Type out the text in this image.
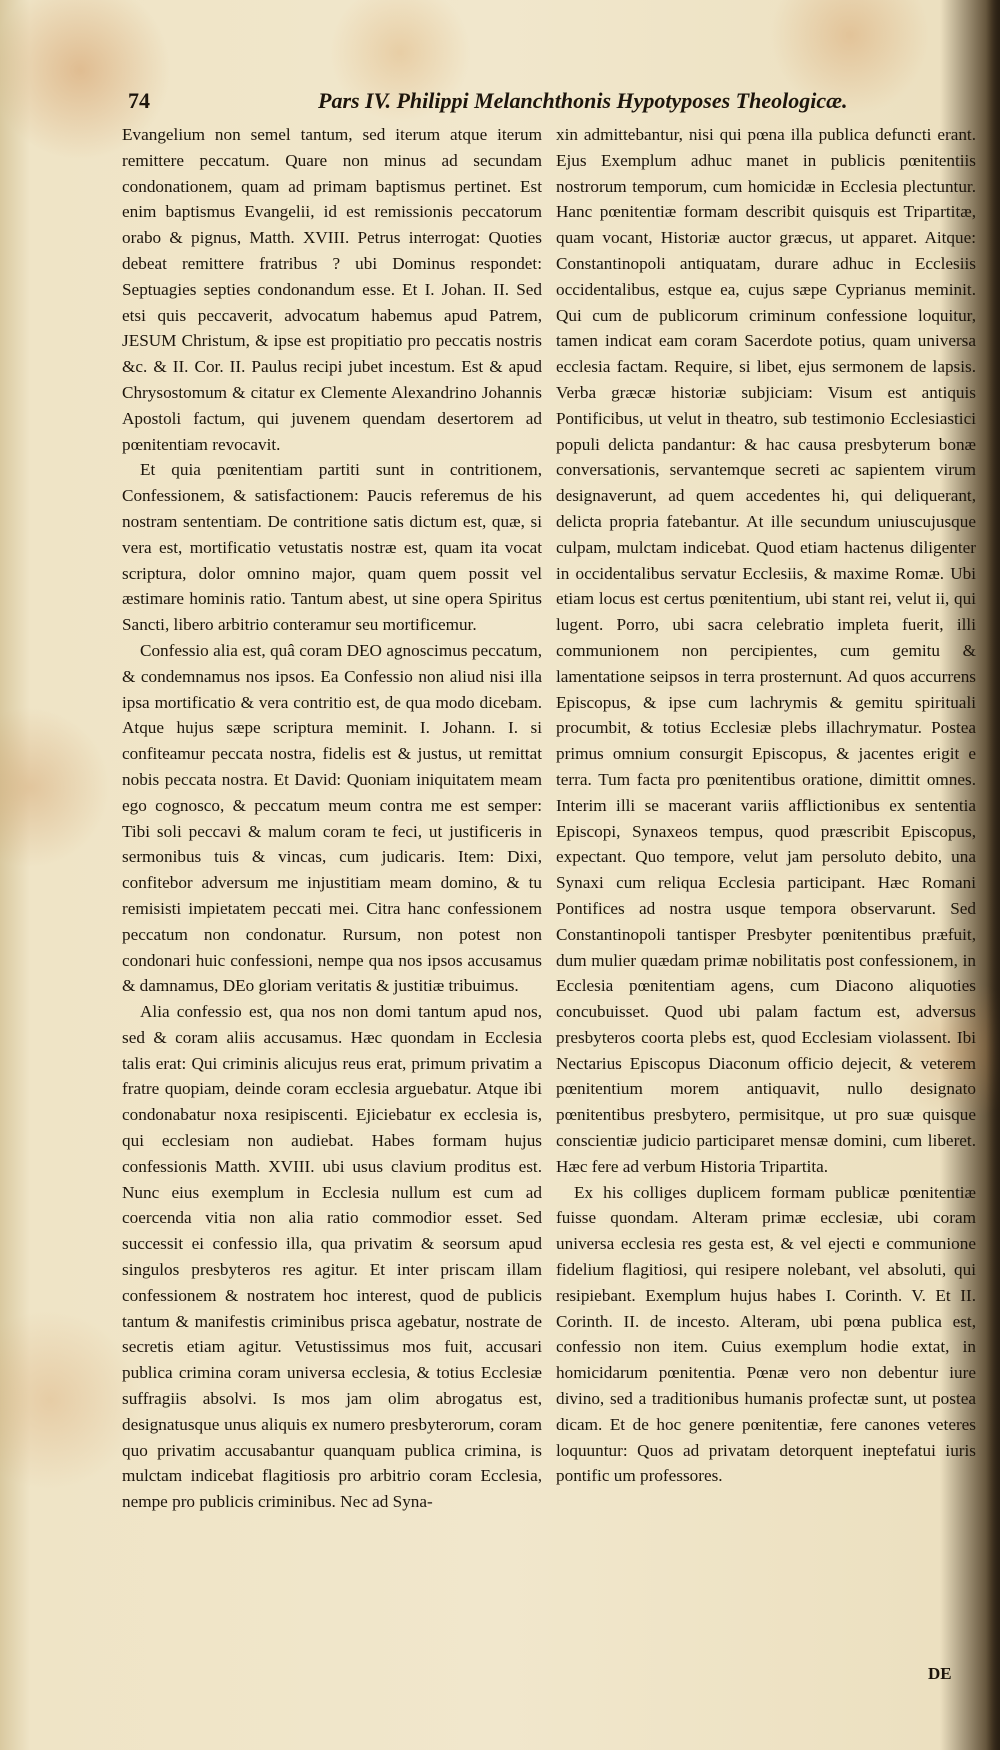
74	Pars IV. Philippi Melanchthonis Hypotyposes Theologicæ.

Evangelium non semel tantum, sed iterum atque iterum remittere peccatum. Quare non minus ad secundam condonationem, quam ad primam baptismus pertinet. Est enim baptismus Evangelii, id est remissionis peccatorum orabo & pignus, Matth. XVIII. Petrus interrogat: Quoties debeat remittere fratribus ? ubi Dominus respondet: Septuagies septies condonandum esse. Et I. Johan. II. Sed etsi quis peccaverit, advocatum habemus apud Patrem, JESUM Christum, & ipse est propitiatio pro peccatis nostris &c. & II. Cor. II. Paulus recipi jubet incestum. Est & apud Chrysostomum & citatur ex Clemente Alexandrino Johannis Apostoli factum, qui juvenem quendam desertorem ad pœnitentiam revocavit.

Et quia pœnitentiam partiti sunt in contritionem, Confessionem, & satisfactionem: Paucis referemus de his nostram sententiam. De contritione satis dictum est, quæ, si vera est, mortificatio vetustatis nostræ est, quam ita vocat scriptura, dolor omnino major, quam quem possit vel æstimare hominis ratio. Tantum abest, ut sine opera Spiritus Sancti, libero arbitrio conteramur seu mortificemur.

Confessio alia est, quâ coram DEO agnoscimus peccatum, & condemnamus nos ipsos. Ea Confessio non aliud nisi illa ipsa mortificatio & vera contritio est, de qua modo dicebam. Atque hujus sæpe scriptura meminit. I. Johann. I. si confiteamur peccata nostra, fidelis est & justus, ut remittat nobis peccata nostra. Et David: Quoniam iniquitatem meam ego cognosco, & peccatum meum contra me est semper: Tibi soli peccavi & malum coram te feci, ut justificeris in sermonibus tuis & vincas, cum judicaris. Item: Dixi, confitebor adversum me injustitiam meam domino, & tu remisisti impietatem peccati mei. Citra hanc confessionem peccatum non condonatur. Rursum, non potest non condonari huic confessioni, nempe qua nos ipsos accusamus & damnamus, DEo gloriam veritatis & justitiæ tribuimus.

Alia confessio est, qua nos non domi tantum apud nos, sed & coram aliis accusamus. Hæc quondam in Ecclesia talis erat: Qui criminis alicujus reus erat, primum privatim a fratre quopiam, deinde coram ecclesia arguebatur. Atque ibi condonabatur noxa resipiscenti. Ejiciebatur ex ecclesia is, qui ecclesiam non audiebat. Habes formam hujus confessionis Matth. XVIII. ubi usus clavium proditus est. Nunc eius exemplum in Ecclesia nullum est cum ad coercenda vitia non alia ratio commodior esset. Sed successit ei confessio illa, qua privatim & seorsum apud singulos presbyteros res agitur. Et inter priscam illam confessionem & nostratem hoc interest, quod de publicis tantum & manifestis criminibus prisca agebatur, nostrate de secretis etiam agitur. Vetustissimus mos fuit, accusari publica crimina coram universa ecclesia, & totius Ecclesiæ suffragiis absolvi. Is mos jam olim abrogatus est, designatusque unus aliquis ex numero presbyterorum, coram quo privatim accusabantur quanquam publica crimina, is mulctam indicebat flagitiosis pro arbitrio coram Ecclesia, nempe pro publicis criminibus. Nec ad Syna-

xin admittebantur, nisi qui pœna illa publica defuncti erant. Ejus Exemplum adhuc manet in publicis pœnitentiis nostrorum temporum, cum homicidæ in Ecclesia plectuntur. Hanc pœnitentiæ formam describit quisquis est Tripartitæ, quam vocant, Historiæ auctor græcus, ut apparet. Aitque: Constantinopoli antiquatam, durare adhuc in Ecclesiis occidentalibus, estque ea, cujus sæpe Cyprianus meminit. Qui cum de publicorum criminum confessione loquitur, tamen indicat eam coram Sacerdote potius, quam universa ecclesia factam. Require, si libet, ejus sermonem de lapsis. Verba græcæ historiæ subjiciam: Visum est antiquis Pontificibus, ut velut in theatro, sub testimonio Ecclesiastici populi delicta pandantur: & hac causa presbyterum bonæ conversationis, servantemque secreti ac sapientem virum designaverunt, ad quem accedentes hi, qui deliquerant, delicta propria fatebantur. At ille secundum uniuscujusque culpam, mulctam indicebat. Quod etiam hactenus diligenter in occidentalibus servatur Ecclesiis, & maxime Romæ. Ubi etiam locus est certus pœnitentium, ubi stant rei, velut ii, qui lugent. Porro, ubi sacra celebratio impleta fuerit, illi communionem non percipientes, cum gemitu & lamentatione seipsos in terra prosternunt. Ad quos accurrens Episcopus, & ipse cum lachrymis & gemitu spirituali procumbit, & totius Ecclesiæ plebs illachrymatur. Postea primus omnium consurgit Episcopus, & jacentes erigit e terra. Tum facta pro pœnitentibus oratione, dimittit omnes. Interim illi se macerant variis afflictionibus ex sententia Episcopi, Synaxeos tempus, quod præscribit Episcopus, expectant. Quo tempore, velut jam persoluto debito, una Synaxi cum reliqua Ecclesia participant. Hæc Romani Pontifices ad nostra usque tempora observarunt. Sed Constantinopoli tantisper Presbyter pœnitentibus præfuit, dum mulier quædam primæ nobilitatis post confessionem, in Ecclesia pœnitentiam agens, cum Diacono aliquoties concubuisset. Quod ubi palam factum est, adversus presbyteros coorta plebs est, quod Ecclesiam violassent. Ibi Nectarius Episcopus Diaconum officio dejecit, & veterem pœnitentium morem antiquavit, nullo designato pœnitentibus presbytero, permisitque, ut pro suæ quisque conscientiæ judicio participaret mensæ domini, cum liberet. Hæc fere ad verbum Historia Tripartita.

Ex his colliges duplicem formam publicæ pœnitentiæ fuisse quondam. Alteram primæ ecclesiæ, ubi coram universa ecclesia res gesta est, & vel ejecti e communione fidelium flagitiosi, qui resipere nolebant, vel absoluti, qui resipiebant. Exemplum hujus habes I. Corinth. V. Et II. Corinth. II. de incesto. Alteram, ubi pœna publica est, confessio non item. Cuius exemplum hodie extat, in homicidarum pœnitentia. Pœnæ vero non debentur iure divino, sed a traditionibus humanis profectæ sunt, ut postea dicam. Et de hoc genere pœnitentiæ, fere canones veteres loquuntur: Quos ad privatam detorquent ineptefatui iuris pontific um professores.

DE
